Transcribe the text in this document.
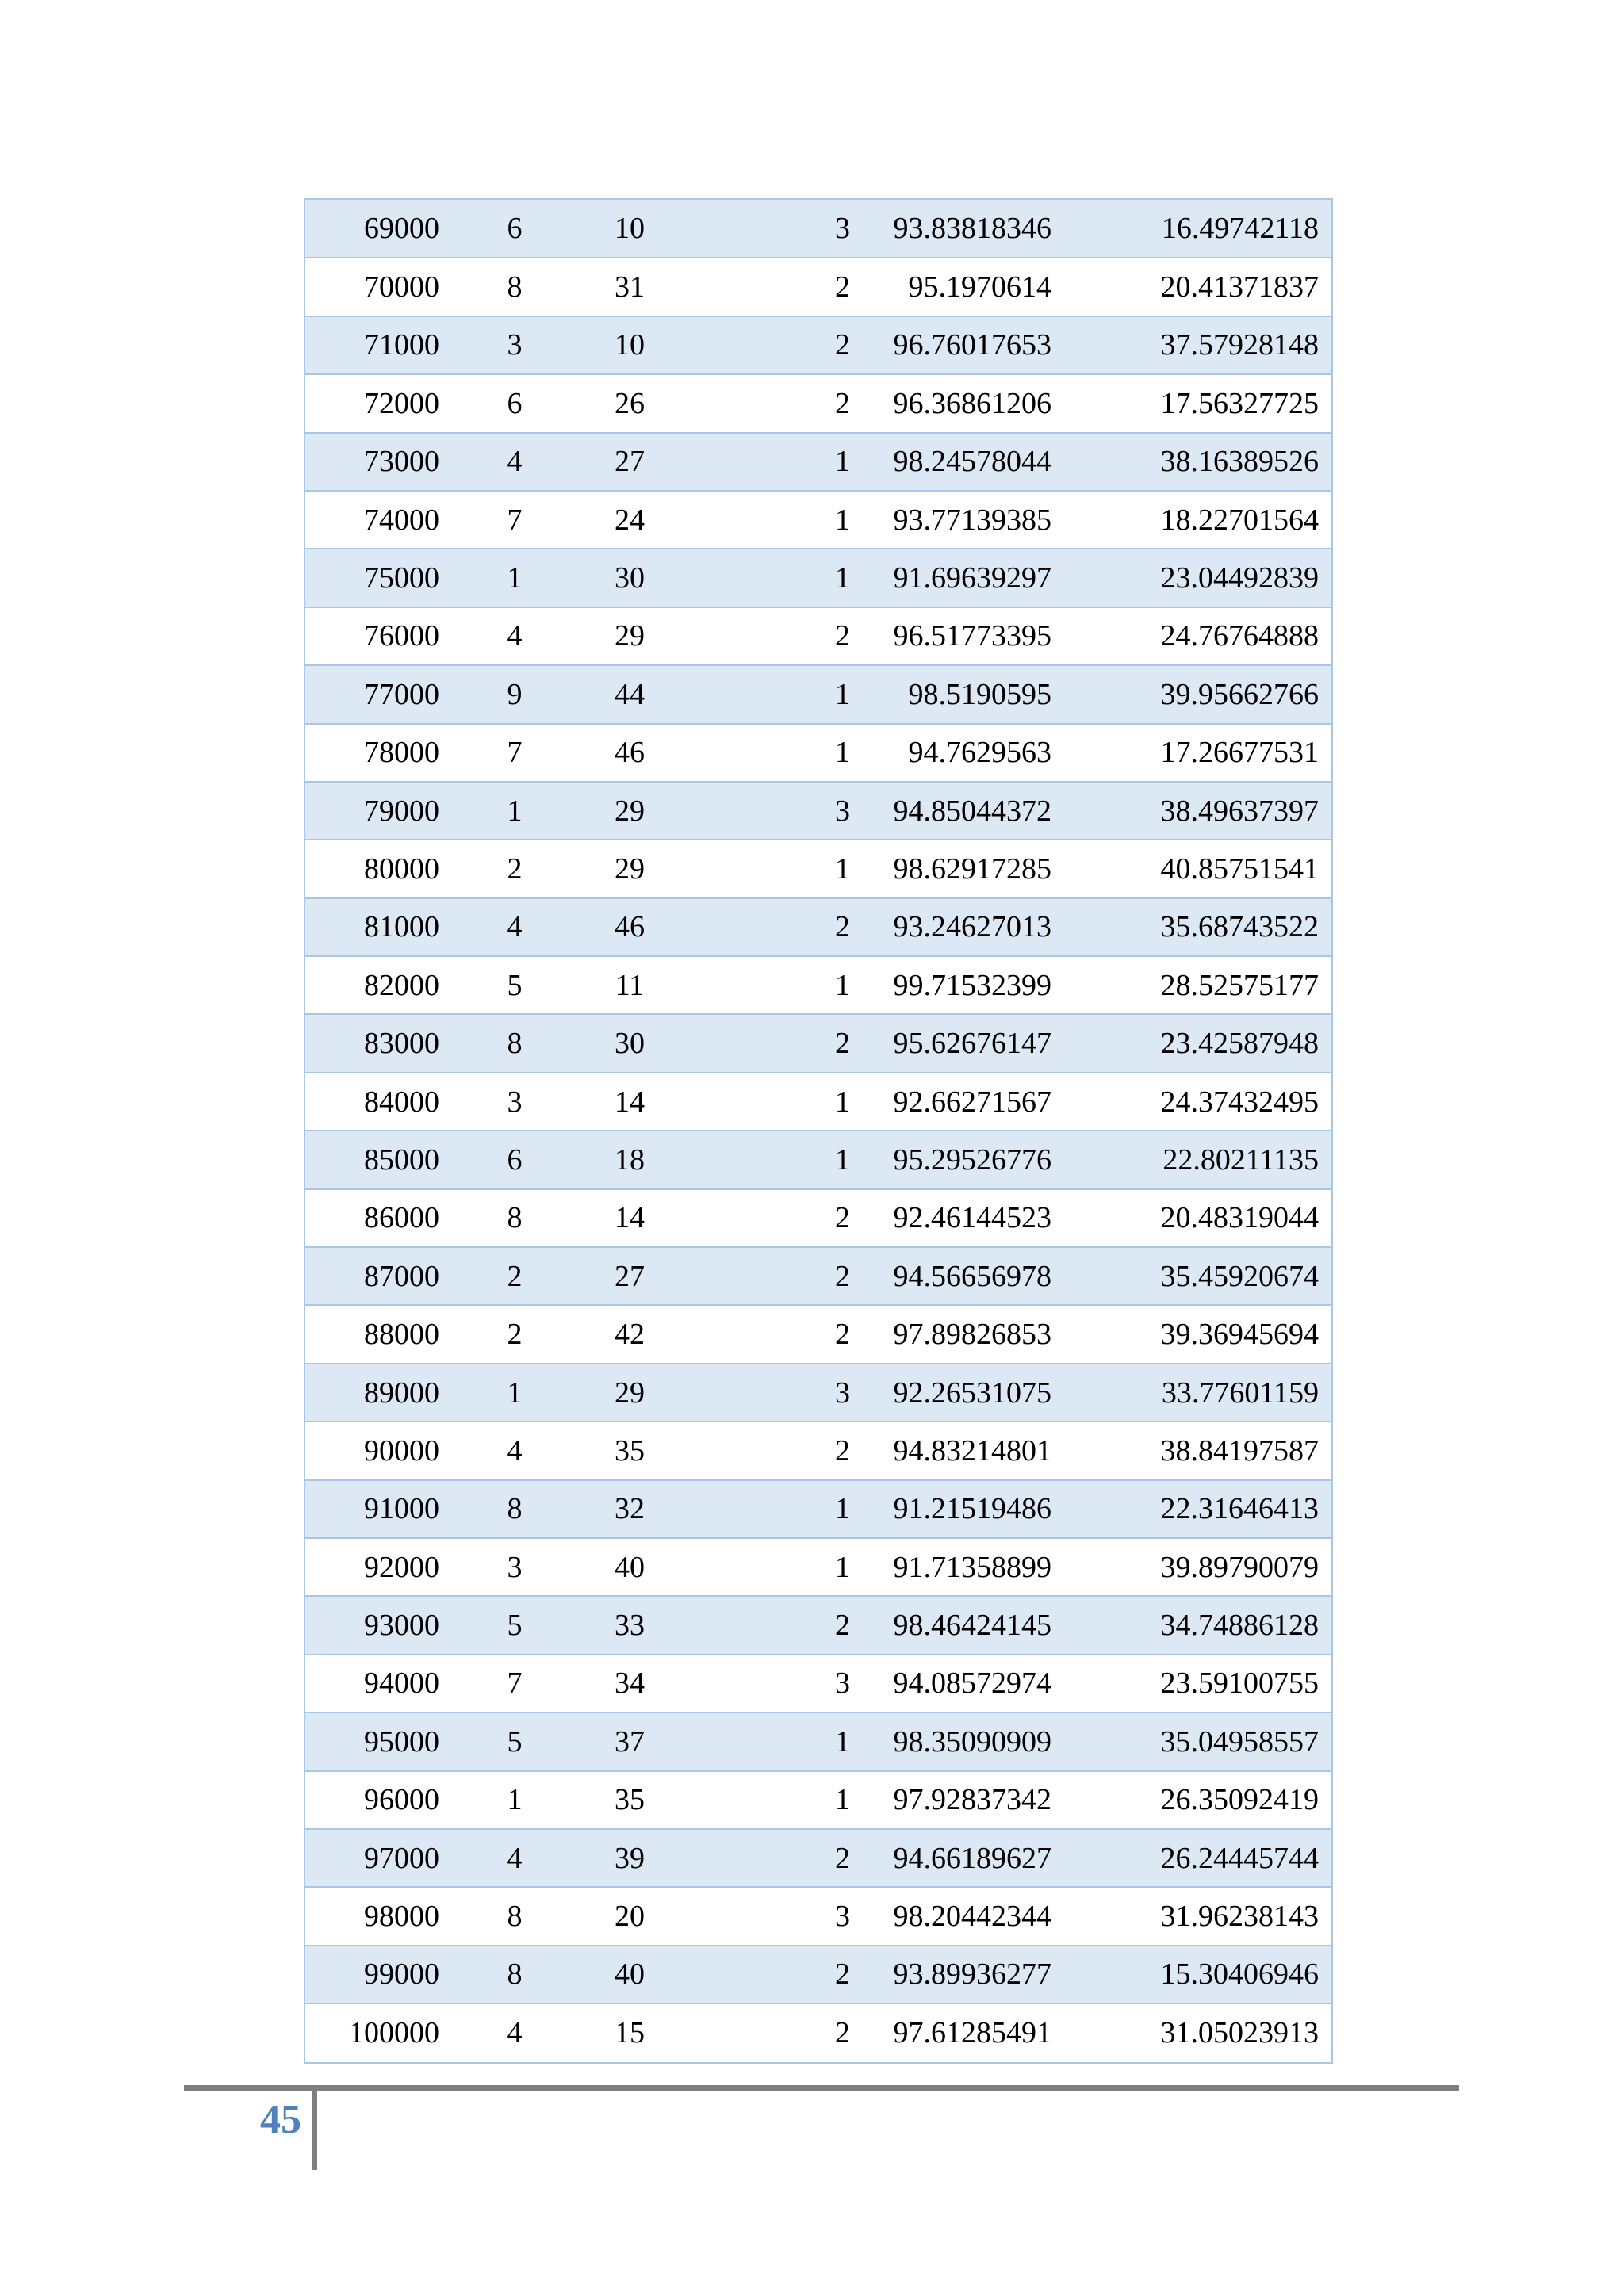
69000	6	10	3	93.83818346	16.49742118
70000	8	31	2	95.1970614	20.41371837
71000	3	10	2	96.76017653	37.57928148
72000	6	26	2	96.36861206	17.56327725
73000	4	27	1	98.24578044	38.16389526
74000	7	24	1	93.77139385	18.22701564
75000	1	30	1	91.69639297	23.04492839
76000	4	29	2	96.51773395	24.76764888
77000	9	44	1	98.5190595	39.95662766
78000	7	46	1	94.7629563	17.26677531
79000	1	29	3	94.85044372	38.49637397
80000	2	29	1	98.62917285	40.85751541
81000	4	46	2	93.24627013	35.68743522
82000	5	11	1	99.71532399	28.52575177
83000	8	30	2	95.62676147	23.42587948
84000	3	14	1	92.66271567	24.37432495
85000	6	18	1	95.29526776	22.80211135
86000	8	14	2	92.46144523	20.48319044
87000	2	27	2	94.56656978	35.45920674
88000	2	42	2	97.89826853	39.36945694
89000	1	29	3	92.26531075	33.77601159
90000	4	35	2	94.83214801	38.84197587
91000	8	32	1	91.21519486	22.31646413
92000	3	40	1	91.71358899	39.89790079
93000	5	33	2	98.46424145	34.74886128
94000	7	34	3	94.08572974	23.59100755
95000	5	37	1	98.35090909	35.04958557
96000	1	35	1	97.92837342	26.35092419
97000	4	39	2	94.66189627	26.24445744
98000	8	20	3	98.20442344	31.96238143
99000	8	40	2	93.89936277	15.30406946
100000	4	15	2	97.61285491	31.05023913
45
